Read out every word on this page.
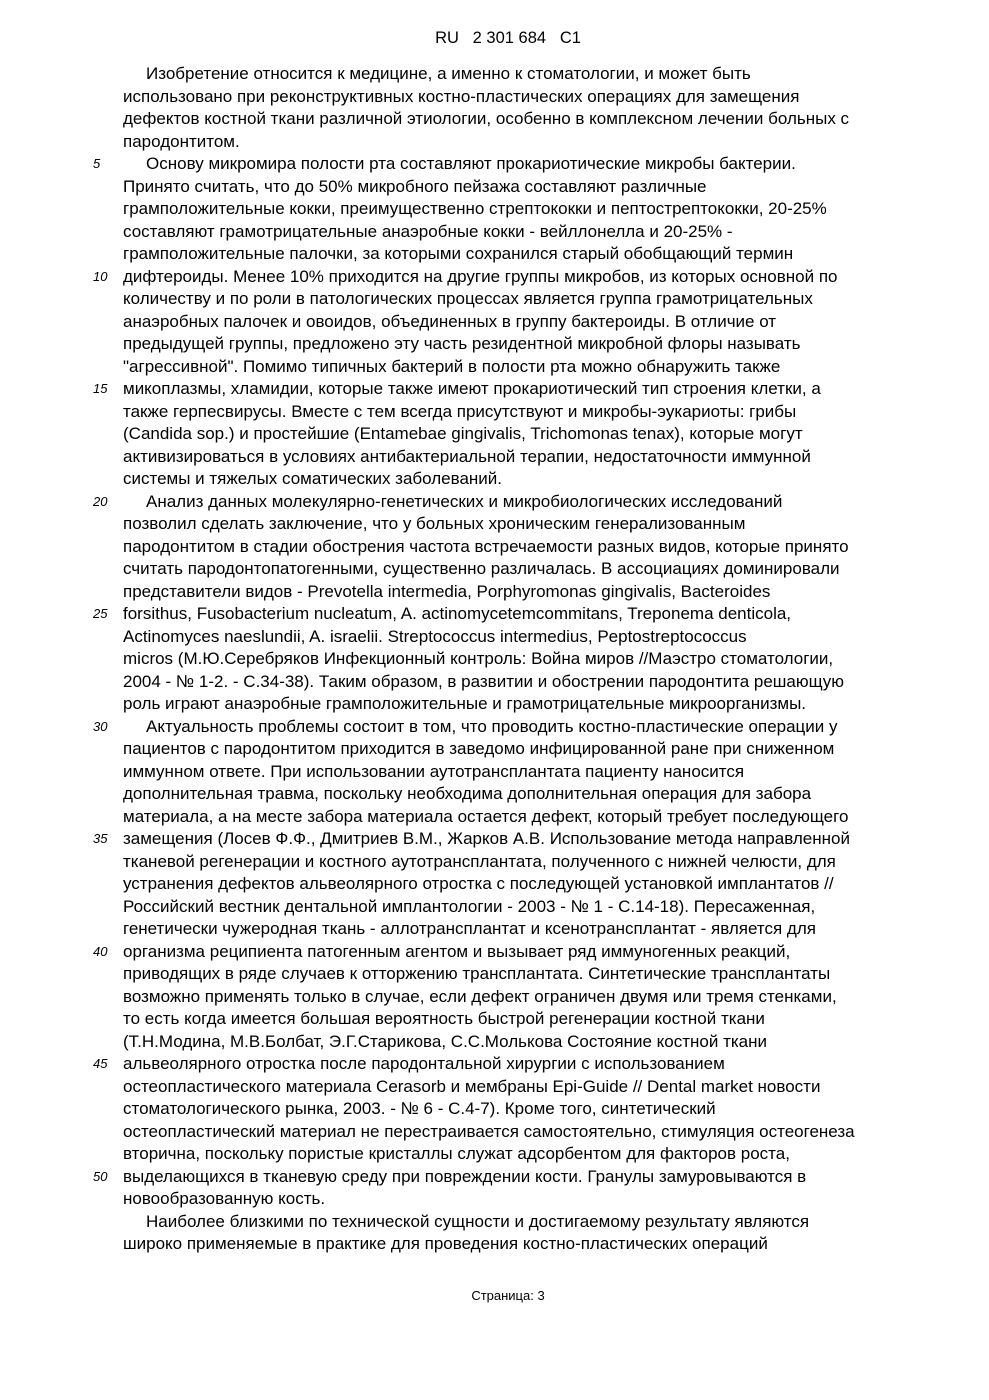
RU   2 301 684   C1
Изобретение относится к медицине, а именно к стоматологии, и может быть
использовано при реконструктивных костно-пластических операциях для замещения
дефектов костной ткани различной этиологии, особенно в комплексном лечении больных с
пародонтитом.
5	Основу микромира полости рта составляют прокариотические микробы бактерии.
Принято считать, что до 50% микробного пейзажа составляют различные
грамположительные кокки, преимущественно стрептококки и пептострептококки, 20-25%
составляют грамотрицательные анаэробные кокки - вейллонелла и 20-25% -
грамположительные палочки, за которыми сохранился старый обобщающий термин
10 дифтероиды. Менее 10% приходится на другие группы микробов, из которых основной по
количеству и по роли в патологических процессах является группа грамотрицательных
анаэробных палочек и овоидов, объединенных в группу бактероиды. В отличие от
предыдущей группы, предложено эту часть резидентной микробной флоры называть
"агрессивной". Помимо типичных бактерий в полости рта можно обнаружить также
15 микоплазмы, хламидии, которые также имеют прокариотический тип строения клетки, а
также герпесвирусы. Вместе с тем всегда присутствуют и микробы-эукариоты: грибы
(Candida sop.) и простейшие (Entamebae gingivalis, Trichomonas tenax), которые могут
активизироваться в условиях антибактериальной терапии, недостаточности иммунной
системы и тяжелых соматических заболеваний.
20 Анализ данных молекулярно-генетических и микробиологических исследований
позволил сделать заключение, что у больных хроническим генерализованным
пародонтитом в стадии обострения частота встречаемости разных видов, которые принято
считать пародонтопатогенными, существенно различалась. В ассоциациях доминировали
представители видов - Prevotella intermedia, Porphyromonas gingivalis, Bacteroides
25 forsithus, Fusobacterium nucleatum, A. actinomycetemcommitans, Treponema denticola,
Actinomyces naeslundii, A. israelii. Streptococcus intermedius, Peptostreptococcus
micros (М.Ю.Серебряков Инфекционный контроль: Война миров //Маэстро стоматологии,
2004 - № 1-2. - С.34-38). Таким образом, в развитии и обострении пародонтита решающую
роль играют анаэробные грамположительные и грамотрицательные микроорганизмы.
30 Актуальность проблемы состоит в том, что проводить костно-пластические операции у
пациентов с пародонтитом приходится в заведомо инфицированной ране при сниженном
иммунном ответе. При использовании аутотрансплантата пациенту наносится
дополнительная травма, поскольку необходима дополнительная операция для забора
материала, а на месте забора материала остается дефект, который требует последующего
35 замещения (Лосев Ф.Ф., Дмитриев В.М., Жарков А.В. Использование метода направленной
тканевой регенерации и костного аутотрансплантата, полученного с нижней челюсти, для
устранения дефектов альвеолярного отростка с последующей установкой имплантатов //
Российский вестник дентальной имплантологии - 2003 - № 1 - С.14-18). Пересаженная,
генетически чужеродная ткань - аллотрансплантат и ксенотрансплантат - является для
40 организма реципиента патогенным агентом и вызывает ряд иммуногенных реакций,
приводящих в ряде случаев к отторжению трансплантата. Синтетические трансплантаты
возможно применять только в случае, если дефект ограничен двумя или тремя стенками,
то есть когда имеется большая вероятность быстрой регенерации костной ткани
(Т.Н.Модина, М.В.Болбат, Э.Г.Старикова, С.С.Молькова Состояние костной ткани
45 альвеолярного отростка после пародонтальной хирургии с использованием
остеопластического материала Cerasorb и мембраны Epi-Guide // Dental market новости
стоматологического рынка, 2003. - № 6 - С.4-7). Кроме того, синтетический
остеопластический материал не перестраивается самостоятельно, стимуляция остеогенеза
вторична, поскольку пористые кристаллы служат адсорбентом для факторов роста,
50 выделающихся в тканевую среду при повреждении кости. Гранулы замуровываются в
новообразованную кость.
Наиболее близкими по технической сущности и достигаемому результату являются
широко применяемые в практике для проведения костно-пластических операций
Страница: 3
